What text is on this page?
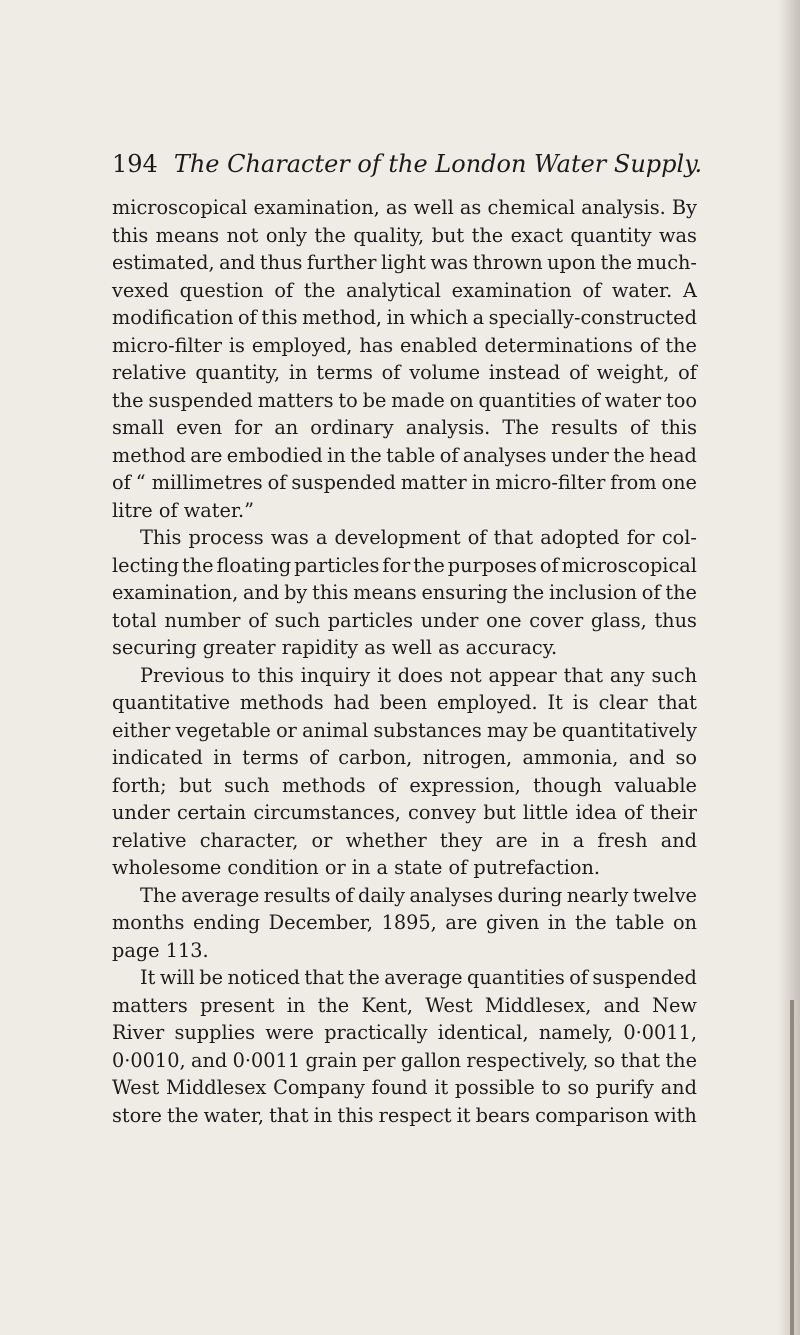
194 The Character of the London Water Supply.
microscopical examination, as well as chemical analysis. By
this means not only the quality, but the exact quantity was
estimated, and thus further light was thrown upon the much-
vexed question of the analytical examination of water. A
modification of this method, in which a specially-constructed
micro-filter is employed, has enabled determinations of the
relative quantity, in terms of volume instead of weight, of
the suspended matters to be made on quantities of water too
small even for an ordinary analysis. The results of this
method are embodied in the table of analyses under the head
of “ millimetres of suspended matter in micro-filter from one
litre of water.”
This process was a development of that adopted for col-
lecting the floating particles for the purposes of microscopical
examination, and by this means ensuring the inclusion of the
total number of such particles under one cover glass, thus
securing greater rapidity as well as accuracy.
Previous to this inquiry it does not appear that any such
quantitative methods had been employed. It is clear that
either vegetable or animal substances may be quantitatively
indicated in terms of carbon, nitrogen, ammonia, and so
forth; but such methods of expression, though valuable
under certain circumstances, convey but little idea of their
relative character, or whether they are in a fresh and
wholesome condition or in a state of putrefaction.
The average results of daily analyses during nearly twelve
months ending December, 1895, are given in the table on
page 113.
It will be noticed that the average quantities of suspended
matters present in the Kent, West Middlesex, and New
River supplies were practically identical, namely, 0·0011,
0·0010, and 0·0011 grain per gallon respectively, so that the
West Middlesex Company found it possible to so purify and
store the water, that in this respect it bears comparison with
